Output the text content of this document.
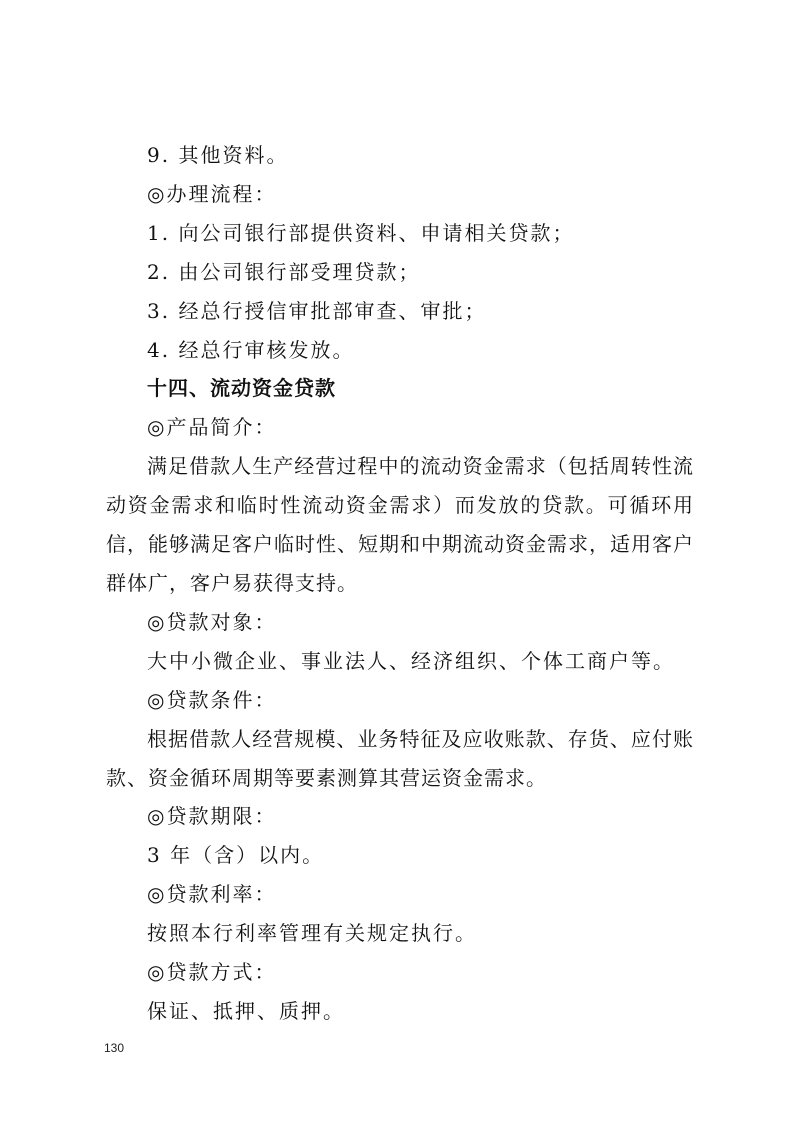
9. 其他资料。

◎办理流程：

1. 向公司银行部提供资料、申请相关贷款；

2. 由公司银行部受理贷款；

3. 经总行授信审批部审查、审批；

4. 经总行审核发放。

十四、流动资金贷款

◎产品简介：

满足借款人生产经营过程中的流动资金需求（包括周转性流动资金需求和临时性流动资金需求）而发放的贷款。可循环用信，能够满足客户临时性、短期和中期流动资金需求，适用客户群体广，客户易获得支持。

◎贷款对象：

大中小微企业、事业法人、经济组织、个体工商户等。

◎贷款条件：

根据借款人经营规模、业务特征及应收账款、存货、应付账款、资金循环周期等要素测算其营运资金需求。

◎贷款期限：

3 年（含）以内。

◎贷款利率：

按照本行利率管理有关规定执行。

◎贷款方式：

保证、抵押、质押。

130
